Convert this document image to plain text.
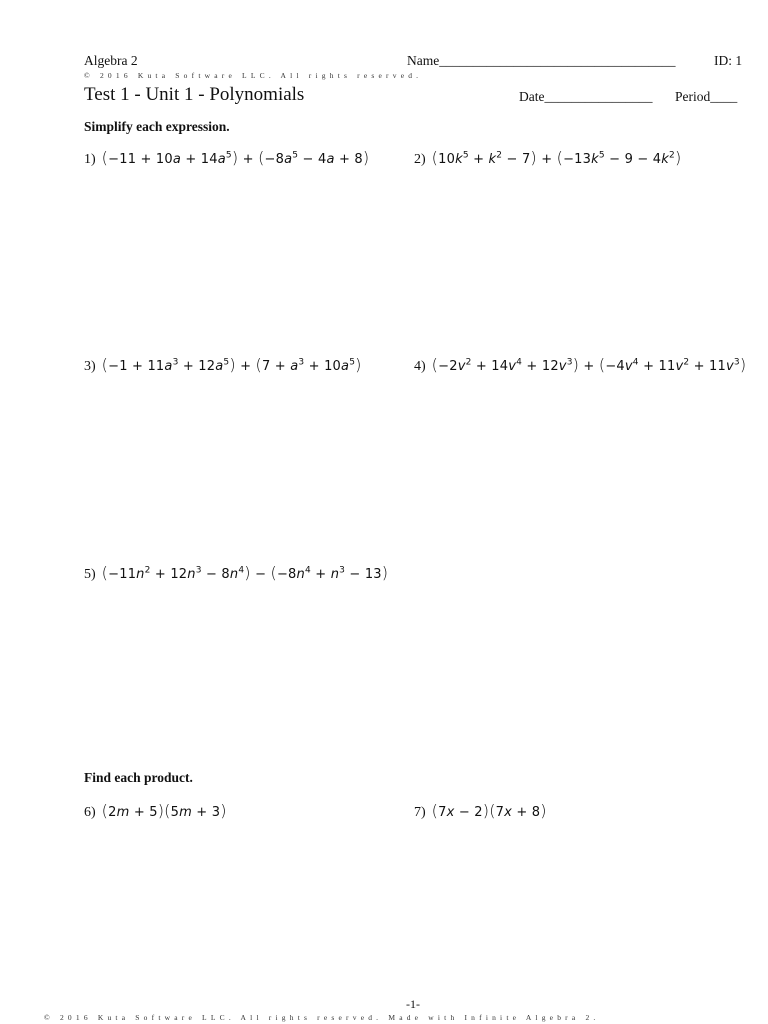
Algebra 2	Name___________________________________	ID: 1
© 2016 Kuta Software LLC. All rights reserved.
Test 1 - Unit 1 - Polynomials	Date________________ Period____
Simplify each expression.
1) $(-11 + 10a + 14a^5) + (-8a^5 - 4a + 8)$	2) $(10k^5 + k^2 - 7) + (-13k^5 - 9 - 4k^2)$
3) $(-1 + 11a^3 + 12a^5) + (7 + a^3 + 10a^5)$	4) $(-2v^2 + 14v^4 + 12v^3) + (-4v^4 + 11v^2 + 11v^3)$
5) $(-11n^2 + 12n^3 - 8n^4) - (-8n^4 + n^3 - 13)$
Find each product.
6) (2m + 5)(5m + 3)	7) (7x − 2)(7x + 8)
-1-
© 2016 Kuta Software LLC. All rights reserved. Made with Infinite Algebra 2.
